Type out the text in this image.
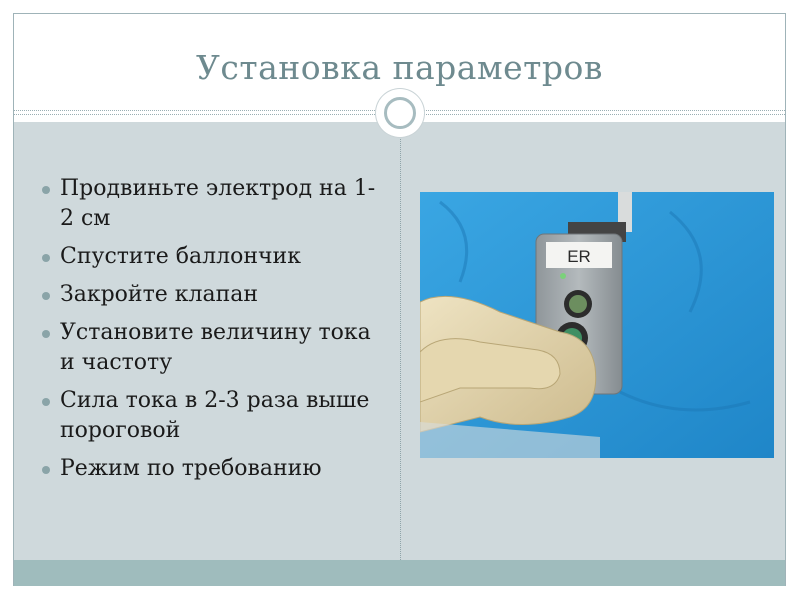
Установка параметров
Продвиньте электрод на 1-2 см
Спустите баллончик
Закройте клапан
Установите величину тока и частоту
Сила тока в 2-3 раза выше пороговой
Режим по требованию
ER
